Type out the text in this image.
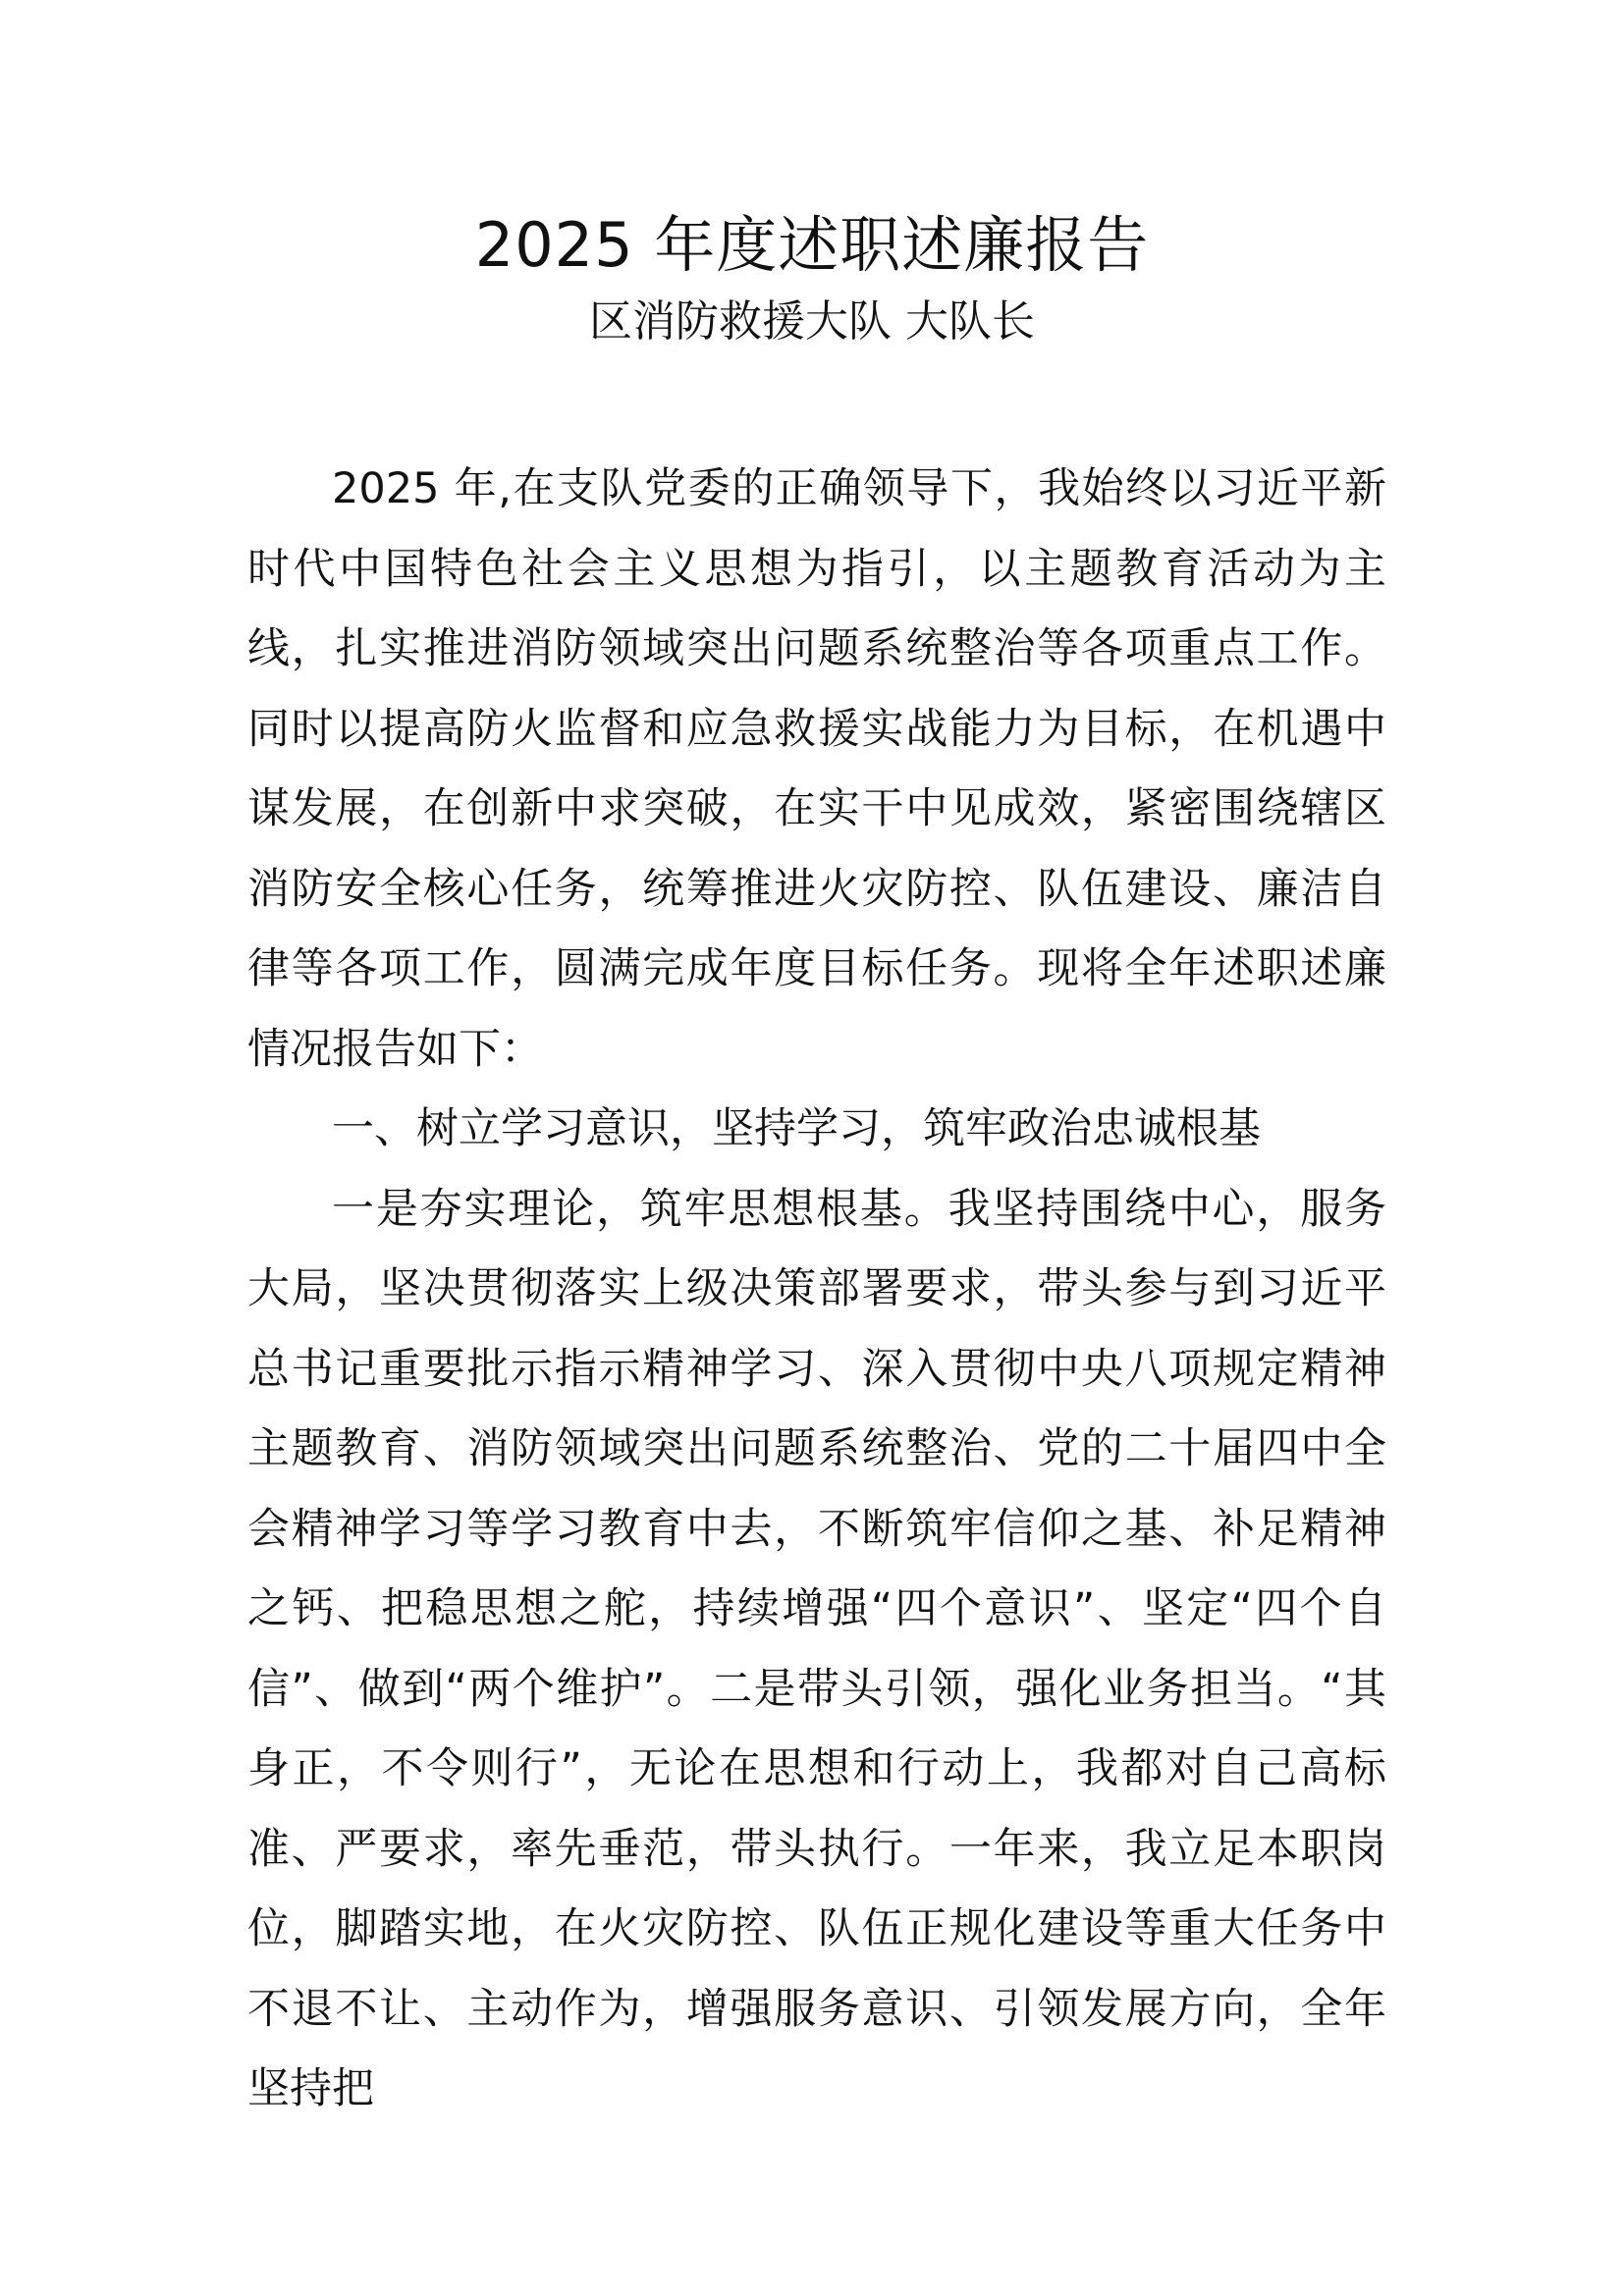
2025 年度述职述廉报告
区消防救援大队 大队长

2025 年,在支队党委的正确领导下，我始终以习近平新时代中国特色社会主义思想为指引，以主题教育活动为主线，扎实推进消防领域突出问题系统整治等各项重点工作。同时以提高防火监督和应急救援实战能力为目标，在机遇中谋发展，在创新中求突破，在实干中见成效，紧密围绕辖区消防安全核心任务，统筹推进火灾防控、队伍建设、廉洁自律等各项工作，圆满完成年度目标任务。现将全年述职述廉情况报告如下：

一、树立学习意识，坚持学习，筑牢政治忠诚根基

一是夯实理论，筑牢思想根基。我坚持围绕中心，服务大局，坚决贯彻落实上级决策部署要求，带头参与到习近平总书记重要批示指示精神学习、深入贯彻中央八项规定精神主题教育、消防领域突出问题系统整治、党的二十届四中全会精神学习等学习教育中去，不断筑牢信仰之基、补足精神之钙、把稳思想之舵，持续增强“四个意识”、坚定“四个自信”、做到“两个维护”。二是带头引领，强化业务担当。“其身正，不令则行”，无论在思想和行动上，我都对自己高标准、严要求，率先垂范，带头执行。一年来，我立足本职岗位，脚踏实地，在火灾防控、队伍正规化建设等重大任务中不退不让、主动作为，增强服务意识、引领发展方向，全年坚持把
